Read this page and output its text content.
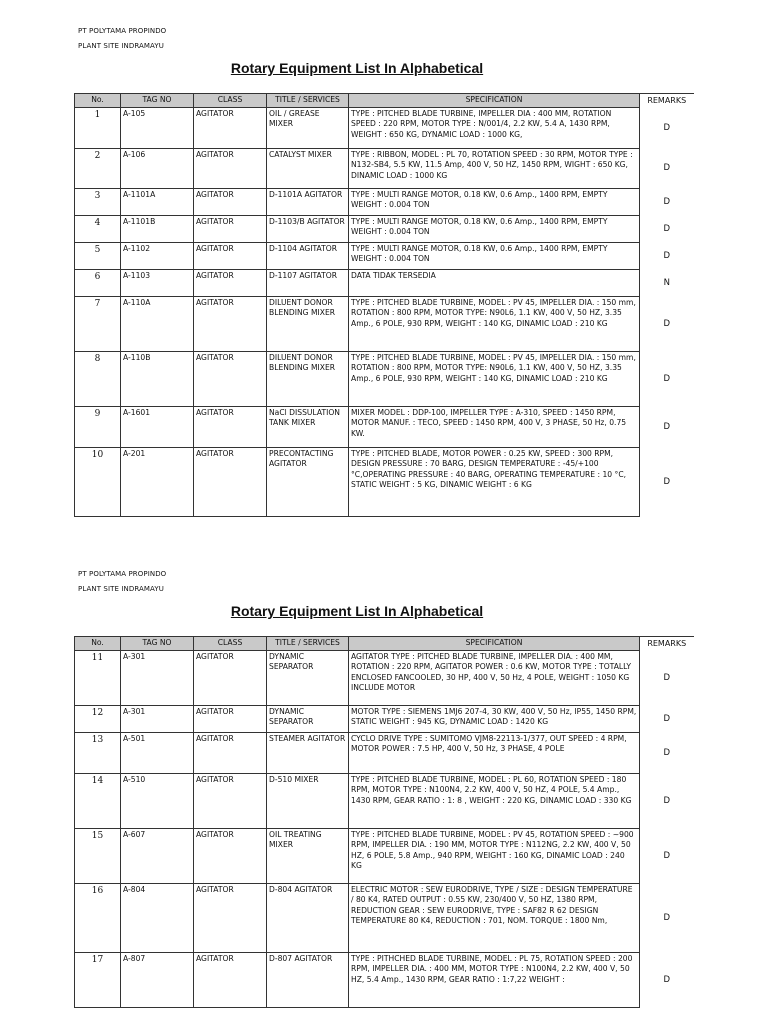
PT POLYTAMA PROPINDO
PLANT SITE INDRAMAYU
Rotary Equipment List In Alphabetical
No.	TAG NO	CLASS	TITLE / SERVICES	SPECIFICATION	REMARKS
1	A-105	AGITATOR	OIL / GREASE MIXER	TYPE : PITCHED BLADE TURBINE, IMPELLER DIA : 400 MM, ROTATION SPEED : 220 RPM, MOTOR TYPE : N/001/4, 2.2 KW, 5.4 A, 1430 RPM, WEIGHT : 650 KG, DYNAMIC LOAD : 1000 KG,	D
2	A-106	AGITATOR	CATALYST MIXER	TYPE : RIBBON, MODEL : PL 70, ROTATION SPEED : 30 RPM, MOTOR TYPE : N132-SB4, 5.5 KW, 11.5 Amp, 400 V, 50 HZ, 1450 RPM, WIGHT : 650 KG, DINAMIC LOAD : 1000 KG	D
3	A-1101A	AGITATOR	D-1101A AGITATOR	TYPE : MULTI RANGE MOTOR, 0.18 KW, 0.6 Amp., 1400 RPM, EMPTY WEIGHT : 0.004 TON	D
4	A-1101B	AGITATOR	D-1103/B AGITATOR	TYPE : MULTI RANGE MOTOR, 0.18 KW, 0.6 Amp., 1400 RPM, EMPTY WEIGHT : 0.004 TON	D
5	A-1102	AGITATOR	D-1104 AGITATOR	TYPE : MULTI RANGE MOTOR, 0.18 KW, 0.6 Amp., 1400 RPM, EMPTY WEIGHT : 0.004 TON	D
6	A-1103	AGITATOR	D-1107 AGITATOR	DATA TIDAK TERSEDIA	N
7	A-110A	AGITATOR	DILUENT DONOR BLENDING MIXER	TYPE : PITCHED BLADE TURBINE, MODEL : PV 45, IMPELLER DIA. : 150 mm, ROTATION : 800 RPM, MOTOR TYPE: N90L6, 1.1 KW, 400 V, 50 HZ, 3.35 Amp., 6 POLE, 930 RPM, WEIGHT : 140 KG, DINAMIC LOAD : 210 KG	D
8	A-110B	AGITATOR	DILUENT DONOR BLENDING MIXER	TYPE : PITCHED BLADE TURBINE, MODEL : PV 45, IMPELLER DIA. : 150 mm, ROTATION : 800 RPM, MOTOR TYPE: N90L6, 1.1 KW, 400 V, 50 HZ, 3.35 Amp., 6 POLE, 930 RPM, WEIGHT : 140 KG, DINAMIC LOAD : 210 KG	D
9	A-1601	AGITATOR	NaCl DISSULATION TANK MIXER	MIXER MODEL : DDP-100, IMPELLER TYPE : A-310, SPEED : 1450 RPM, MOTOR MANUF. : TECO, SPEED : 1450 RPM, 400 V, 3 PHASE, 50 Hz, 0.75 KW.	D
10	A-201	AGITATOR	PRECONTACTING AGITATOR	TYPE : PITCHED BLADE, MOTOR POWER : 0.25 KW, SPEED : 300 RPM, DESIGN PRESSURE : 70 BARG, DESIGN TEMPERATURE : -45/+100 °C,OPERATING PRESSURE : 40 BARG, OPERATING TEMPERATURE : 10 °C, STATIC WEIGHT : 5 KG, DINAMIC WEIGHT : 6 KG	D
PT POLYTAMA PROPINDO
PLANT SITE INDRAMAYU
Rotary Equipment List In Alphabetical
No.	TAG NO	CLASS	TITLE / SERVICES	SPECIFICATION	REMARKS
11	A-301	AGITATOR	DYNAMIC SEPARATOR	AGITATOR TYPE : PITCHED BLADE TURBINE, IMPELLER DIA. : 400 MM, ROTATION : 220 RPM, AGITATOR POWER : 0.6 KW, MOTOR TYPE : TOTALLY ENCLOSED FANCOOLED, 30 HP, 400 V, 50 Hz, 4 POLE, WEIGHT : 1050 KG INCLUDE MOTOR	D
12	A-301	AGITATOR	DYNAMIC SEPARATOR	MOTOR TYPE : SIEMENS 1MJ6 207-4, 30 KW, 400 V, 50 Hz, IP55, 1450 RPM, STATIC WEIGHT : 945 KG, DYNAMIC LOAD : 1420 KG	D
13	A-501	AGITATOR	STEAMER AGITATOR	CYCLO DRIVE TYPE : SUMITOMO VJM8-22113-1/377, OUT SPEED : 4 RPM, MOTOR POWER : 7.5 HP, 400 V, 50 Hz, 3 PHASE, 4 POLE	D
14	A-510	AGITATOR	D-510 MIXER	TYPE : PITCHED BLADE TURBINE, MODEL : PL 60, ROTATION SPEED : 180 RPM, MOTOR TYPE : N100N4, 2.2 KW, 400 V, 50 HZ, 4 POLE, 5.4 Amp., 1430 RPM, GEAR RATIO : 1: 8 , WEIGHT : 220 KG, DINAMIC LOAD : 330 KG	D
15	A-607	AGITATOR	OIL TREATING MIXER	TYPE : PITCHED BLADE TURBINE, MODEL : PV 45, ROTATION SPEED : ~900 RPM, IMPELLER DIA. : 190 MM, MOTOR TYPE : N112NG, 2.2 KW, 400 V, 50 HZ, 6 POLE, 5.8 Amp., 940 RPM, WEIGHT : 160 KG, DINAMIC LOAD : 240 KG	D
16	A-804	AGITATOR	D-804 AGITATOR	ELECTRIC MOTOR : SEW EURODRIVE, TYPE / SIZE : DESIGN TEMPERATURE / 80 K4, RATED OUTPUT : 0.55 KW, 230/400 V, 50 HZ, 1380 RPM, REDUCTION GEAR : SEW EURODRIVE, TYPE : SAF82 R 62 DESIGN TEMPERATURE 80 K4, REDUCTION : 701, NOM. TORQUE : 1800 Nm,	D
17	A-807	AGITATOR	D-807 AGITATOR	TYPE : PITHCHED BLADE TURBINE, MODEL : PL 75, ROTATION SPEED : 200 RPM, IMPELLER DIA. : 400 MM, MOTOR TYPE : N100N4, 2.2 KW, 400 V, 50 HZ, 5.4 Amp., 1430 RPM, GEAR RATIO : 1:7,22 WEIGHT :	D
